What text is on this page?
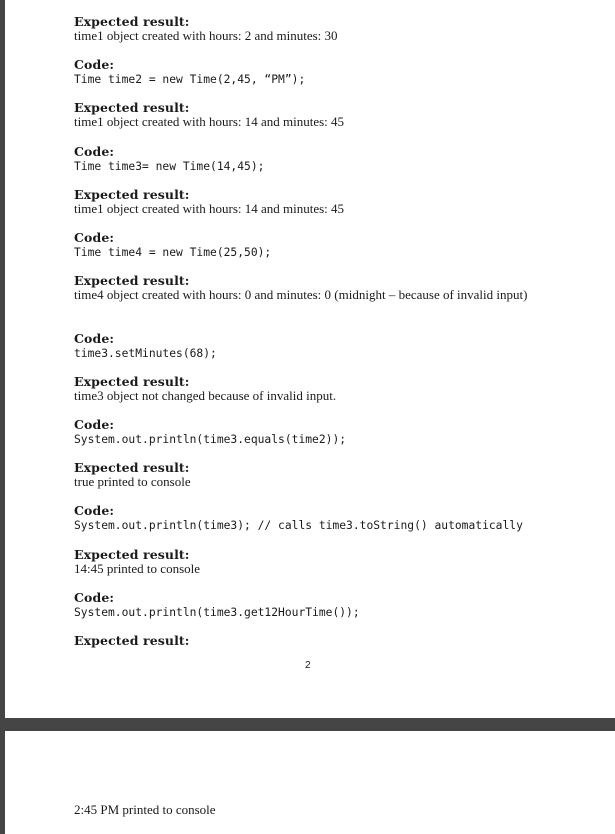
Expected result:
time1 object created with hours: 2 and minutes: 30
Code:
Time time2 = new Time(2,45, “PM”);
Expected result:
time1 object created with hours: 14 and minutes: 45
Code:
Time time3= new Time(14,45);
Expected result:
time1 object created with hours: 14 and minutes: 45
Code:
Time time4 = new Time(25,50);
Expected result:
time4 object created with hours: 0 and minutes: 0 (midnight – because of invalid input)
Code:
time3.setMinutes(68);
Expected result:
time3 object not changed because of invalid input.
Code:
System.out.println(time3.equals(time2));
Expected result:
true printed to console
Code:
System.out.println(time3); // calls time3.toString() automatically
Expected result:
14:45 printed to console
Code:
System.out.println(time3.get12HourTime());
Expected result:
2
2:45 PM printed to console
